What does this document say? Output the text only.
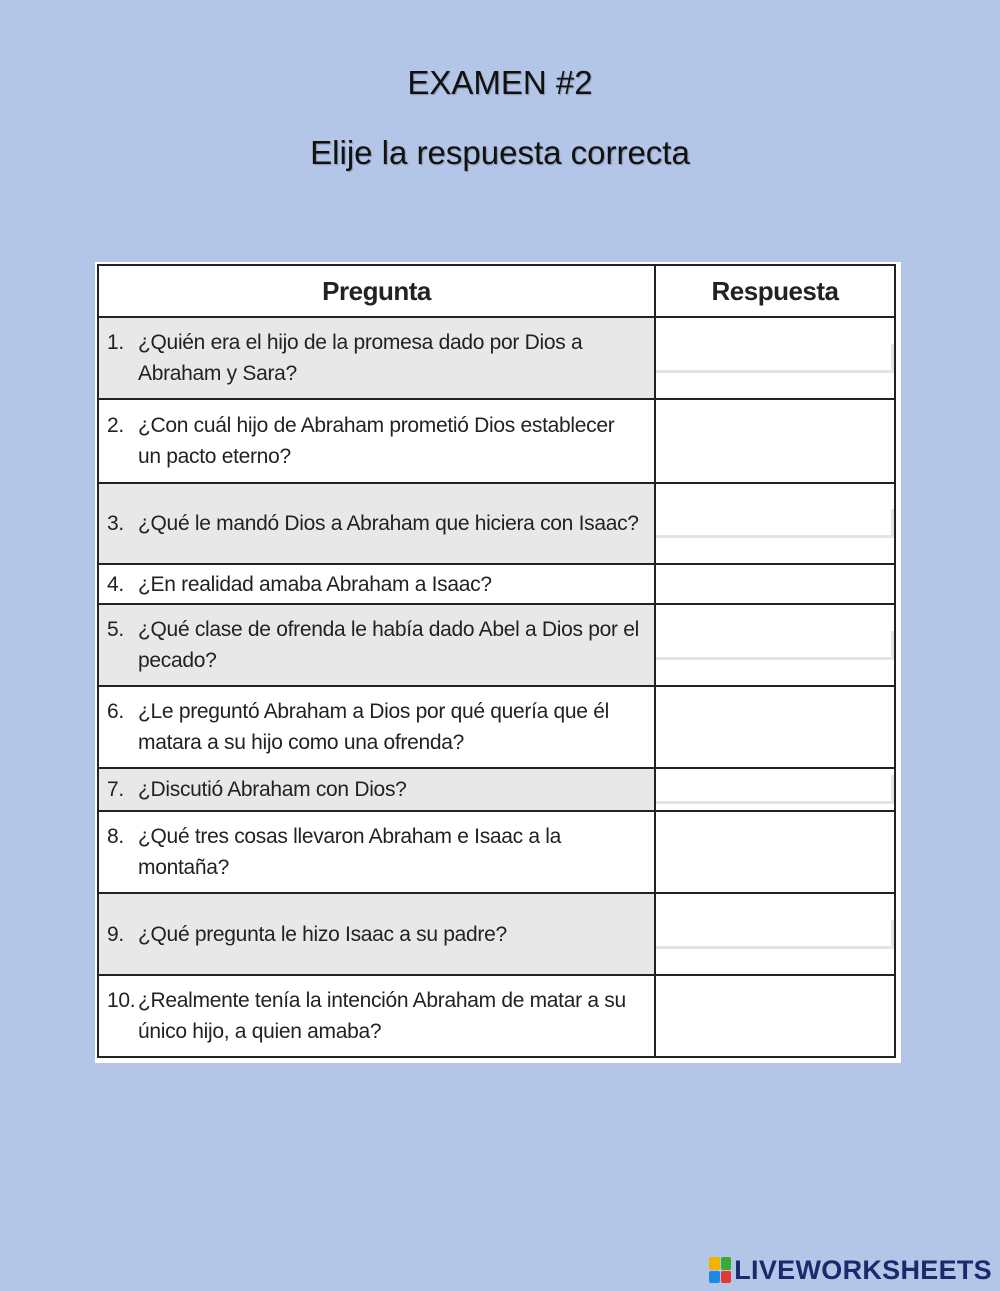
EXAMEN #2
Elije la respuesta correcta
Pregunta	Respuesta

1. ¿Quién era el hijo de la promesa dado por Dios a Abraham y Sara?

2. ¿Con cuál hijo de Abraham prometió Dios establecer un pacto eterno?

3. ¿Qué le mandó Dios a Abraham que hiciera con Isaac?

4. ¿En realidad amaba Abraham a Isaac?

5. ¿Qué clase de ofrenda le había dado Abel a Dios por el pecado?

6. ¿Le preguntó Abraham a Dios por qué quería que él matara a su hijo como una ofrenda?

7. ¿Discutió Abraham con Dios?

8. ¿Qué tres cosas llevaron Abraham e Isaac a la montaña?

9. ¿Qué pregunta le hizo Isaac a su padre?

10. ¿Realmente tenía la intención Abraham de matar a su único hijo, a quien amaba?

LIVEWORKSHEETS
